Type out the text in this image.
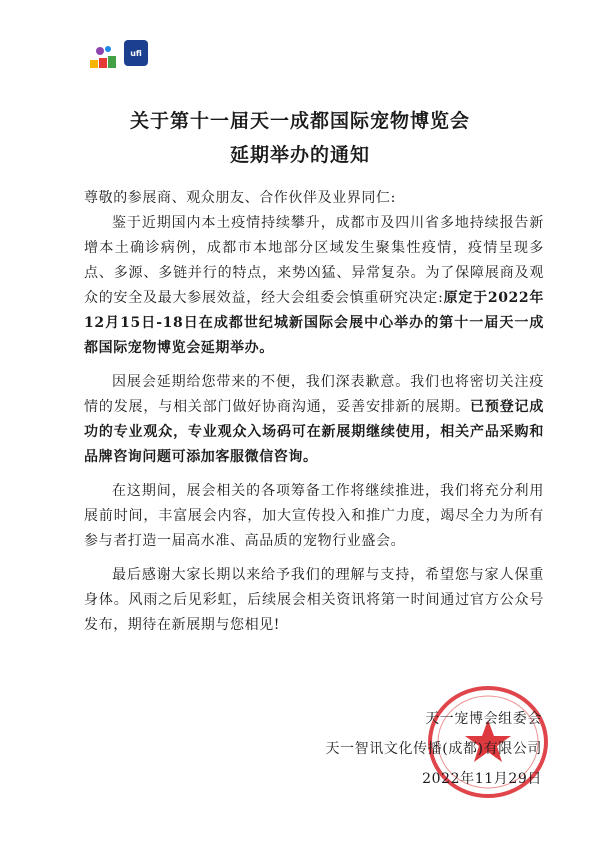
ufi
关于第十一届天一成都国际宠物博览会
延期举办的通知

尊敬的参展商、观众朋友、合作伙伴及业界同仁:

鉴于近期国内本土疫情持续攀升，成都市及四川省多地持续报告新增本土确诊病例，成都市本地部分区域发生聚集性疫情，疫情呈现多点、多源、多链并行的特点，来势凶猛、异常复杂。为了保障展商及观众的安全及最大参展效益，经大会组委会慎重研究决定:原定于2022年12月15日-18日在成都世纪城新国际会展中心举办的第十一届天一成都国际宠物博览会延期举办。

因展会延期给您带来的不便，我们深表歉意。我们也将密切关注疫情的发展，与相关部门做好协商沟通，妥善安排新的展期。已预登记成功的专业观众，专业观众入场码可在新展期继续使用，相关产品采购和品牌咨询问题可添加客服微信咨询。

在这期间，展会相关的各项筹备工作将继续推进，我们将充分利用展前时间，丰富展会内容，加大宣传投入和推广力度，竭尽全力为所有参与者打造一届高水准、高品质的宠物行业盛会。

最后感谢大家长期以来给予我们的理解与支持，希望您与家人保重身体。风雨之后见彩虹，后续展会相关资讯将第一时间通过官方公众号发布，期待在新展期与您相见!

天一宠博会组委会
天一智讯文化传播(成都)有限公司
2022年11月29日
